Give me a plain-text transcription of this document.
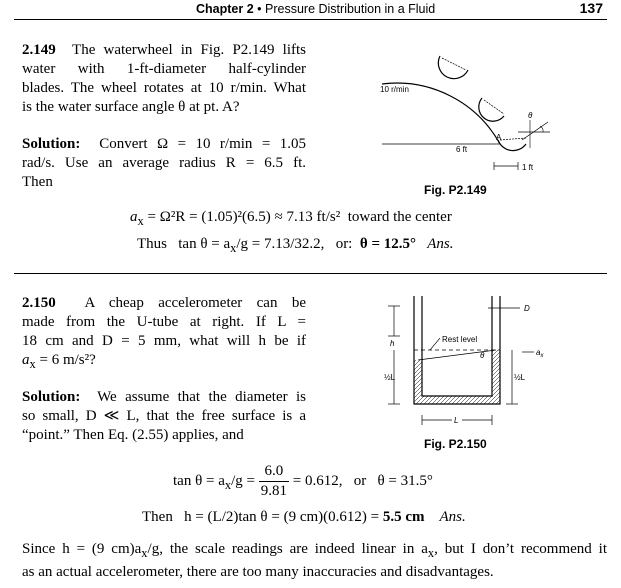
Chapter 2 • Pressure Distribution in a Fluid	137
2.149 The waterwheel in Fig. P2.149 lifts
water with 1-ft-diameter half-cylinder
blades. The wheel rotates at 10 r/min. What
is the water surface angle θ at pt. A?
Solution: Convert Ω = 10 r/min = 1.05
rad/s. Use an average radius R = 6.5 ft.
Then
10 r/min
6 ft
A
θ
1 ft
Fig. P2.149
$a_x = \Omega^2R = (1.05)^2(6.5) \approx 7.13$ ft/s² toward the center
Thus $\tan \theta = a_x/g = 7.13/32.2$, or: θ = 12.5° Ans.
2.150 A cheap accelerometer can be
made from the U-tube at right. If L =
18 cm and D = 5 mm, what will h be if
$a_x = 6$ m/s²?
Solution: We assume that the diameter is
so small, D ≪ L, that the free surface is a
“point.” Then Eq. (2.55) applies, and
Rest level
θ
h
½L	½L
$a_x$
D
L
Fig. P2.150
$\tan \theta = a_x/g = \frac{6.0}{9.81} = 0.612$, or θ = 31.5°
Then h = (L/2)tan θ = (9 cm)(0.612) = 5.5 cm Ans.
Since h = (9 $cm)a_x/g$, the scale readings are indeed linear in $a_x$, but I don’t recommend it
as an actual accelerometer, there are too many inaccuracies and disadvantages.
